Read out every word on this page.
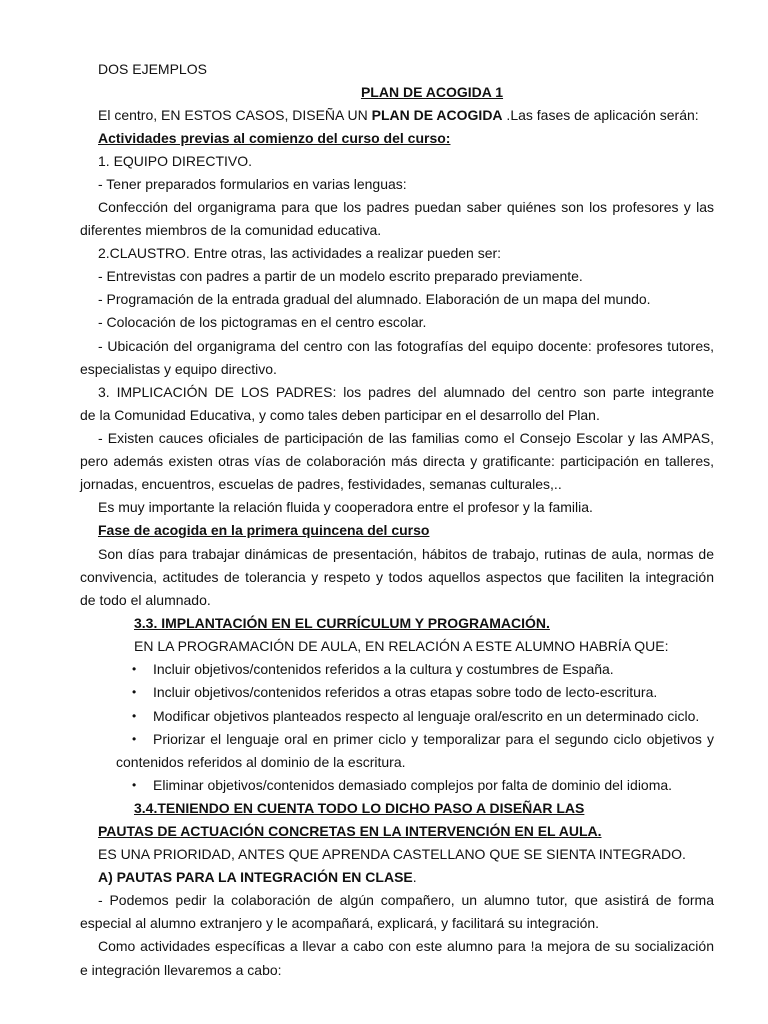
DOS EJEMPLOS
PLAN DE ACOGIDA 1
El centro, EN ESTOS CASOS, DISEÑA UN PLAN DE ACOGIDA .Las fases de aplicación serán:
Actividades previas al comienzo del curso del curso:
1. EQUIPO DIRECTIVO.
- Tener preparados formularios en varias lenguas:
Confección del organigrama para que los padres puedan saber quiénes son los profesores y las
diferentes miembros de la comunidad educativa.
2.CLAUSTRO. Entre otras, las actividades a realizar pueden ser:
- Entrevistas con padres a partir de un modelo escrito preparado previamente.
- Programación de la entrada gradual del alumnado. Elaboración de un mapa del mundo.
- Colocación de los pictogramas en el centro escolar.
- Ubicación del organigrama del centro con las fotografías del equipo docente: profesores tutores,
especialistas y equipo directivo.
3. IMPLICACIÓN DE LOS PADRES: los padres del alumnado del centro son parte integrante
de la Comunidad Educativa, y como tales deben participar en el desarrollo del Plan.
- Existen cauces oficiales de participación de las familias como el Consejo Escolar y las AMPAS,
pero además existen otras vías de colaboración más directa y gratificante: participación en talleres,
jornadas, encuentros, escuelas de padres, festividades, semanas culturales,..
Es muy importante la relación fluida y cooperadora entre el profesor y la familia.
Fase de acogida en la primera quincena del curso
Son días para trabajar dinámicas de presentación, hábitos de trabajo, rutinas de aula, normas de
convivencia, actitudes de tolerancia y respeto y todos aquellos aspectos que faciliten la integración
de todo el alumnado.
3.3. IMPLANTACIÓN EN EL CURRÍCULUM Y PROGRAMACIÓN.
EN LA PROGRAMACIÓN DE AULA, EN RELACIÓN A ESTE ALUMNO HABRÍA QUE:
• Incluir objetivos/contenidos referidos a la cultura y costumbres de España.
• Incluir objetivos/contenidos referidos a otras etapas sobre todo de lecto-escritura.
• Modificar objetivos planteados respecto al lenguaje oral/escrito en un determinado ciclo.
• Priorizar el lenguaje oral en primer ciclo y temporalizar para el segundo ciclo objetivos y
contenidos referidos al dominio de la escritura.
• Eliminar objetivos/contenidos demasiado complejos por falta de dominio del idioma.
3.4.TENIENDO EN CUENTA TODO LO DICHO PASO A DISEÑAR LAS
PAUTAS DE ACTUACIÓN CONCRETAS EN LA INTERVENCIÓN EN EL AULA.
ES UNA PRIORIDAD, ANTES QUE APRENDA CASTELLANO QUE SE SIENTA INTEGRADO.
A) PAUTAS PARA LA INTEGRACIÓN EN CLASE.
- Podemos pedir la colaboración de algún compañero, un alumno tutor, que asistirá de forma
especial al alumno extranjero y le acompañará, explicará, y facilitará su integración.
Como actividades específicas a llevar a cabo con este alumno para !a mejora de su socialización
e integración llevaremos a cabo:
